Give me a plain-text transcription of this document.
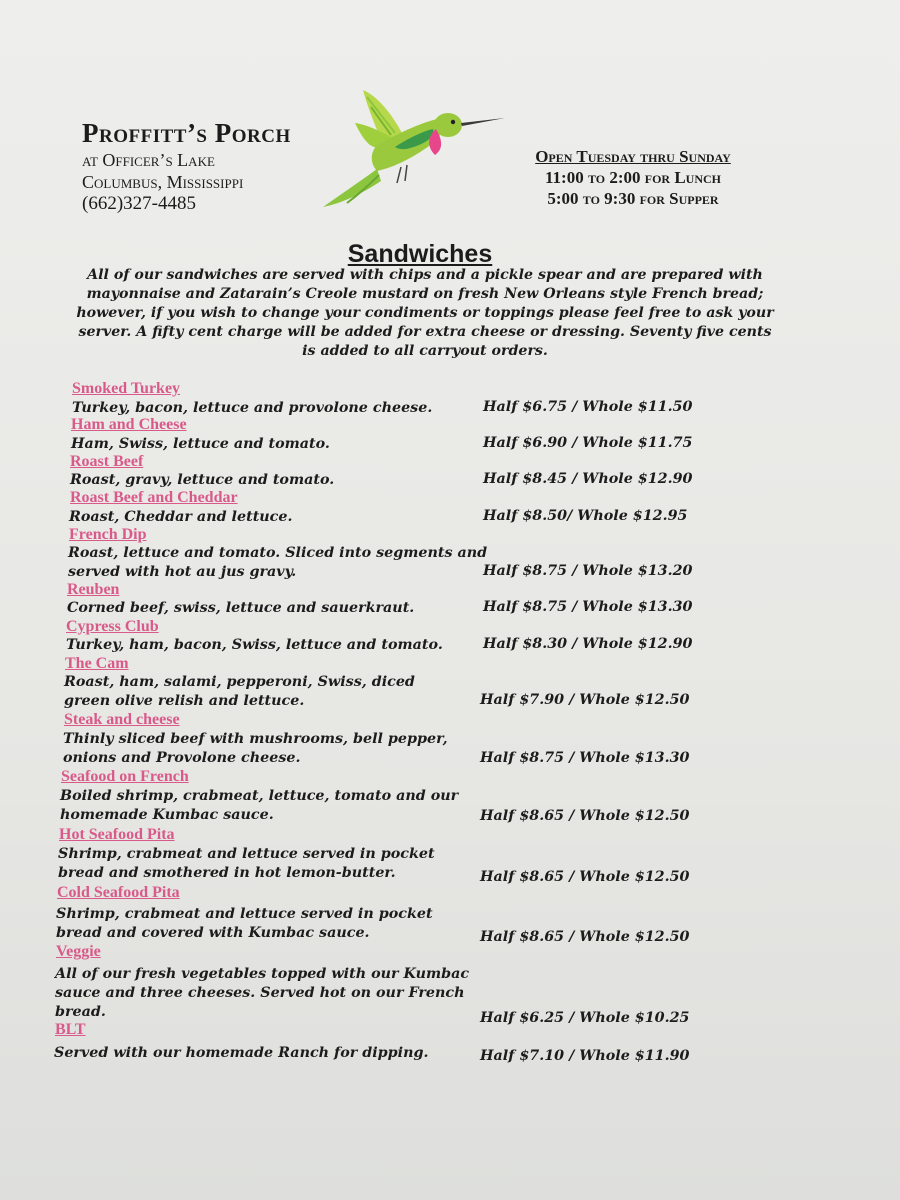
Proffitt’s Porch
at Officer’s Lake
Columbus, Mississippi
(662)327-4485
Open Tuesday thru Sunday
11:00 to 2:00 for Lunch
5:00 to 9:30 for Supper
Sandwiches
All of our sandwiches are served with chips and a pickle spear and are prepared with mayonnaise and Zatarain’s Creole mustard on fresh New Orleans style French bread; however, if you wish to change your condiments or toppings please feel free to ask your server. A fifty cent charge will be added for extra cheese or dressing. Seventy five cents is added to all carryout orders.
Smoked Turkey
Turkey, bacon, lettuce and provolone cheese.	Half $6.75 / Whole $11.50
Ham and Cheese
Ham, Swiss, lettuce and tomato.	Half $6.90 / Whole $11.75
Roast Beef
Roast, gravy, lettuce and tomato.	Half $8.45 / Whole $12.90
Roast Beef and Cheddar
Roast, Cheddar and lettuce.	Half $8.50/ Whole $12.95
French Dip
Roast, lettuce and tomato. Sliced into segments and served with hot au jus gravy.	Half $8.75 / Whole $13.20
Reuben
Corned beef, swiss, lettuce and sauerkraut.	Half $8.75 / Whole $13.30
Cypress Club
Turkey, ham, bacon, Swiss, lettuce and tomato.	Half $8.30 / Whole $12.90
The Cam
Roast, ham, salami, pepperoni, Swiss, diced green olive relish and lettuce.	Half $7.90 / Whole $12.50
Steak and cheese
Thinly sliced beef with mushrooms, bell pepper, onions and Provolone cheese.	Half $8.75 / Whole $13.30
Seafood on French
Boiled shrimp, crabmeat, lettuce, tomato and our homemade Kumbac sauce.	Half $8.65 / Whole $12.50
Hot Seafood Pita
Shrimp, crabmeat and lettuce served in pocket bread and smothered in hot lemon-butter.	Half $8.65 / Whole $12.50
Cold Seafood Pita
Shrimp, crabmeat and lettuce served in pocket bread and covered with Kumbac sauce.	Half $8.65 / Whole $12.50
Veggie
All of our fresh vegetables topped with our Kumbac sauce and three cheeses. Served hot on our French bread.	Half $6.25 / Whole $10.25
BLT
Served with our homemade Ranch for dipping.	Half $7.10 / Whole $11.90
